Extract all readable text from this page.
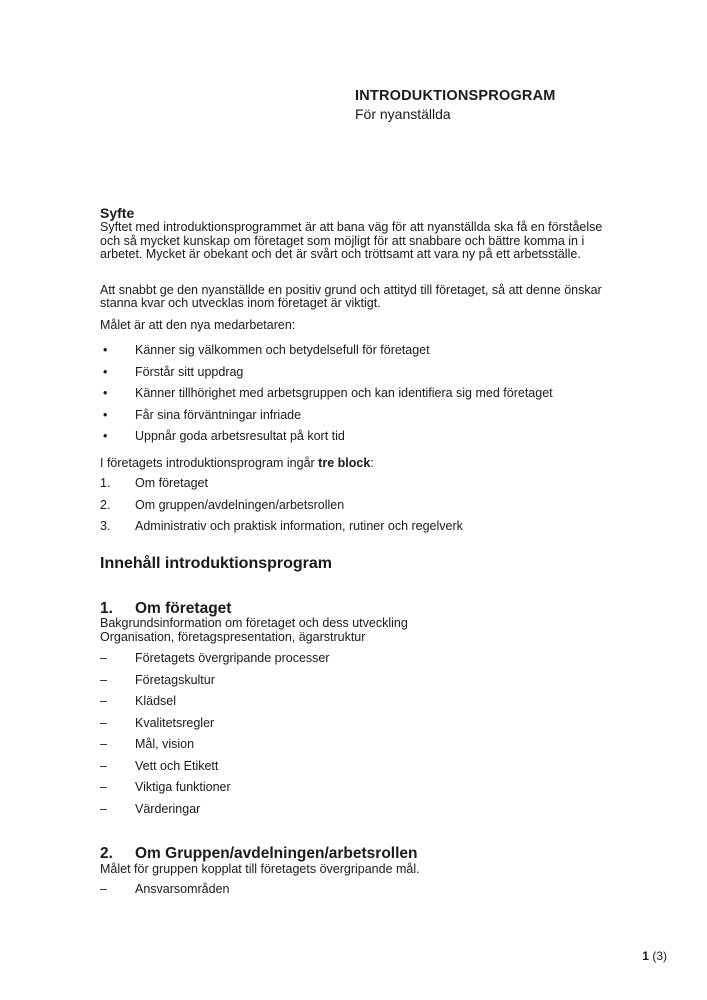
INTRODUKTIONSPROGRAM
För nyanställda
Syfte

Syftet med introduktionsprogrammet är att bana väg för att nyanställda ska få en förståelse och så mycket kunskap om företaget som möjligt för att snabbare och bättre komma in i arbetet. Mycket är obekant och det är svårt och tröttsamt att vara ny på ett arbetsställe.

Att snabbt ge den nyanställde en positiv grund och attityd till företaget, så att denne önskar stanna kvar och utvecklas inom företaget är viktigt.

Målet är att den nya medarbetaren:

•	Känner sig välkommen och betydelsefull för företaget
•	Förstår sitt uppdrag
•	Känner tillhörighet med arbetsgruppen och kan identifiera sig med företaget
•	Får sina förväntningar infriade
•	Uppnår goda arbetsresultat på kort tid

I företagets introduktionsprogram ingår tre block:

1.	Om företaget
2.	Om gruppen/avdelningen/arbetsrollen
3.	Administrativ och praktisk information, rutiner och regelverk
Innehåll introduktionsprogram
1.	Om företaget

Bakgrundsinformation om företaget och dess utveckling

Organisation, företagspresentation, ägarstruktur

–	Företagets övergripande processer
–	Företagskultur
–	Klädsel
–	Kvalitetsregler
–	Mål, vision
–	Vett och Etikett
–	Viktiga funktioner
–	Värderingar
2.	Om Gruppen/avdelningen/arbetsrollen

Målet för gruppen kopplat till företagets övergripande mål.

–	Ansvarsområden
1 (3)
